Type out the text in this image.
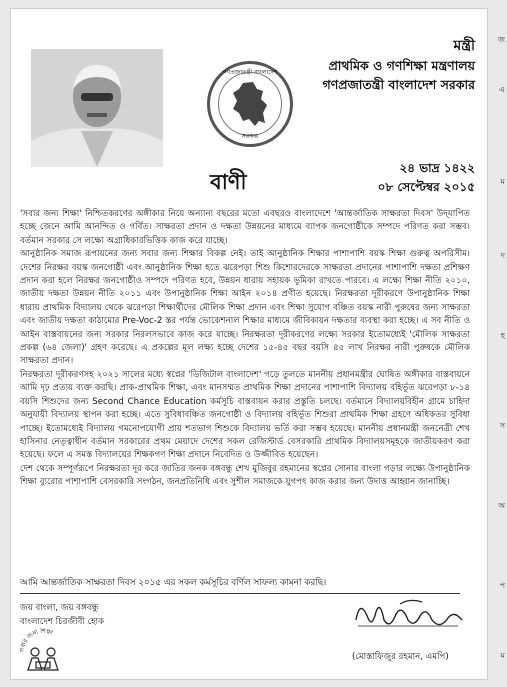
গণপ্রজাতন্ত্রী বাংলাদেশ
সরকার
মন্ত্রী
প্রাথমিক ও গণশিক্ষা মন্ত্রণালয়
গণপ্রজাতন্ত্রী বাংলাদেশ সরকার
২৪ ভাদ্র ১৪২২
০৮ সেপ্টেম্বর ২০১৫
বাণী

'সবার জন্য শিক্ষা' নিশ্চিতকরণের অঙ্গীকার নিয়ে অন্যান্য বছরের মতো এবছরও বাংলাদেশে 'আন্তর্জাতিক সাক্ষরতা দিবস' উদ্‌যাপিত হচ্ছে জেনে আমি আনন্দিত ও গর্বিত। সাক্ষরতা প্রদান ও দক্ষতা উন্নয়নের মাধ্যমে ব্যাপক জনগোষ্ঠীকে সম্পদে পরিণত করা সম্ভব। বর্তমান সরকার সে লক্ষ্যে অগ্রাধিকারভিত্তিক কাজ করে যাচ্ছে।

আনুষ্ঠানিক সমাজ রূপায়নের জন্য সবার জন্য শিক্ষার বিকল্প নেই। তাই আনুষ্ঠানিক শিক্ষার পাশাপাশি বয়স্ক শিক্ষা গুরুত্ব অপরিসীম। দেশের নিরক্ষর বয়স্ক জনগোষ্ঠী এবং আনুষ্ঠানিক শিক্ষা হতে ঝরেপড়া শিশু কিশোরদেরকে সাক্ষরতা প্রদানের পাশাপাশি দক্ষতা প্রশিক্ষণ প্রদান করা হলে নিরক্ষর জনগোষ্ঠীও সম্পদে পরিণত হবে, উন্নয়ন ধারায় সহায়ক ভূমিকা রাখতে পারবে। এ লক্ষ্যে শিক্ষা নীতি ২০১০, জাতীয় দক্ষতা উন্নয়ন নীতি ২০১১ এবং উপানুষ্ঠানিক শিক্ষা আইন ২০১৪ প্রণীত হয়েছে। নিরক্ষরতা দূরীকরণে উপানুষ্ঠানিক শিক্ষা ধারায় প্রাথমিক বিদ্যালয় থেকে ঝরেপড়া শিক্ষার্থীদের মৌলিক শিক্ষা প্রদান এবং শিক্ষা সুযোগ বঞ্চিত বয়স্ক নারী পুরুষের জন্য সাক্ষরতা এবং জাতীয় দক্ষতা কাঠামোর Pre-Voc-2 স্তর পর্যন্ত ভোকেশনাল শিক্ষার মাধ্যমে জীবিকায়ন দক্ষতার ব্যবস্থা করা হচ্ছে। এ সব নীতি ও আইন বাস্তবায়নের জন্য সরকার নিরলসভাবে কাজ করে যাচ্ছে। নিরক্ষরতা দূরীকরণের লক্ষ্যে সরকার ইতোমধ্যেই 'মৌলিক সাক্ষরতা প্রকল্প (৬৪ জেলা)' গ্রহণ করেছে। এ প্রকল্পের মূল লক্ষ্য হচ্ছে দেশের ১৫-৪৫ বছর বয়সি ৪৫ লাখ নিরক্ষর নারী পুরুষকে মৌলিক সাক্ষরতা প্রদান।

নিরক্ষরতা দূরীকরণসহ ২০২১ সালের মধ্যে স্বপ্নের 'ডিজিটাল বাংলাদেশ' গড়ে তুলতে মাননীয় প্রধানমন্ত্রীর ঘোষিত অঙ্গীকার বাস্তবায়নে আমি দৃঢ় প্রত্যয় ব্যক্ত করছি। প্রাক-প্রাথমিক শিক্ষা, এবং মানসম্মত প্রাথমিক শিক্ষা প্রদানের পাশাপাশি বিদ্যালয় বহির্ভূত ঝরেপড়া ৮-১৪ বয়সি শিশুদের জন্য Second Chance Education কর্মসূচি বাস্তবায়ন করার প্রস্তুতি চলছে। বর্তমানে বিদ্যালয়বিহীন গ্রামে চাহিদা অনুযায়ী বিদ্যালয় স্থাপন করা হচ্ছে। এতে সুবিধাবঞ্চিত জনগোষ্ঠী ও বিদ্যালয় বহির্ভূত শিশুরা প্রাথমিক শিক্ষা গ্রহণে অধিকতর সুবিধা পাচ্ছে। ইতোমধ্যেই বিদ্যালয় গমনোপযোগী প্রায় শতভাগ শিশুকে বিদ্যালয় ভর্তি করা সম্ভব হয়েছে। মাননীয় প্রধানমন্ত্রী জননেত্রী শেখ হাসিনার নেতৃত্বাধীন বর্তমান সরকারের প্রথম মেয়াদে দেশের সকল রেজিস্টার্ড বেসরকারি প্রাথমিক বিদ্যালয়সমূহকে জাতীয়করণ করা হয়েছে। ফলে এ সমস্ত বিদ্যালয়ের শিক্ষকগণ শিক্ষা প্রদানে নিবেদিত ও উজ্জীবিত হয়েছেন।

দেশ থেকে সম্পূর্ণরূপে নিরক্ষরতা দূর করে জাতির জনক বঙ্গবন্ধু শেখ মুজিবুর রহমানের স্বপ্নের সোনার বাংলা গড়ার লক্ষ্যে উপানুষ্ঠানিক শিক্ষা ব্যুরোর পাশাপাশি বেসরকারি সংগঠন, জনপ্রতিনিধি এবং সুশীল সমাজকে যুগপৎ কাজ করার জন্য উদাত্ত আহ্বান জানাচ্ছি।

আমি আন্তর্জাতিক সাক্ষরতা দিবস ২০১৫ এর সকল কর্মসূচির বর্ণিল সাফল্য কামনা করছি।
জয় বাংলা, জয় বঙ্গবন্ধু
বাংলাদেশ চিরজীবী হোক
সবার জন্য শিক্ষা
(মোস্তাফিজুর রহমান, এমপি)
জ
এ
ম
দ
হ
স
অ
প
ম
